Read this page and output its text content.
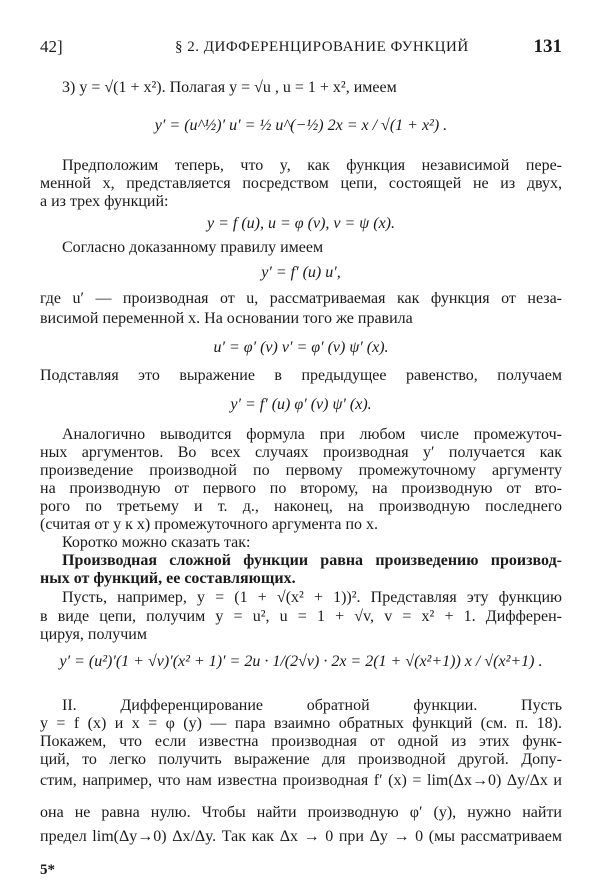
42]	§ 2. ДИФФЕРЕНЦИРОВАНИЕ ФУНКЦИЙ	131
3) y = √(1 + x²). Полагая y = √u , u = 1 + x², имеем
y′ = (u^½)′ u′ = ½ u^(−½) 2x = x / √(1 + x²) .
Предположим теперь, что y, как функция независимой пере-
менной x, представляется посредством цепи, состоящей не из двух,
а из трех функций:
y = f (u), u = φ (v), v = ψ (x).
Согласно доказанному правилу имеем
y′ = f′ (u) u′,
где u′ — производная от u, рассматриваемая как функция от неза-
висимой переменной x. На основании того же правила
u′ = φ′ (v) v′ = φ′ (v) ψ′ (x).
Подставляя это выражение в предыдущее равенство, получаем
y′ = f′ (u) φ′ (v) ψ′ (x).
Аналогично выводится формула при любом числе промежуточ-
ных аргументов. Во всех случаях производная y′ получается как
произведение производной по первому промежуточному аргументу
на производную от первого по второму, на производную от вто-
рого по третьему и т. д., наконец, на производную последнего
(считая от y к x) промежуточного аргумента по x.
Коротко можно сказать так:
Производная сложной функции равна произведению производ-
ных от функций, ее составляющих.
Пусть, например, y = (1 + √(x² + 1))². Представляя эту функцию
в виде цепи, получим y = u², u = 1 + √v, v = x² + 1. Дифферен-
цируя, получим
y′ = (u²)′(1 + √v)′(x² + 1)′ = 2u · 1/(2√v) · 2x = 2(1 + √(x²+1)) x / √(x²+1) .
II. Дифференцирование обратной функции. Пусть
y = f (x) и x = φ (y) — пара взаимно обратных функций (см. п. 18).
Покажем, что если известна производная от одной из этих функ-
ций, то легко получить выражение для производной другой. Допу-
стим, например, что нам известна производная f′ (x) = lim(Δx→0) Δy/Δx и
она не равна нулю. Чтобы найти производную φ′ (y), нужно найти
предел lim(Δy→0) Δx/Δy. Так как Δx → 0 при Δy → 0 (мы рассматриваем
5*
